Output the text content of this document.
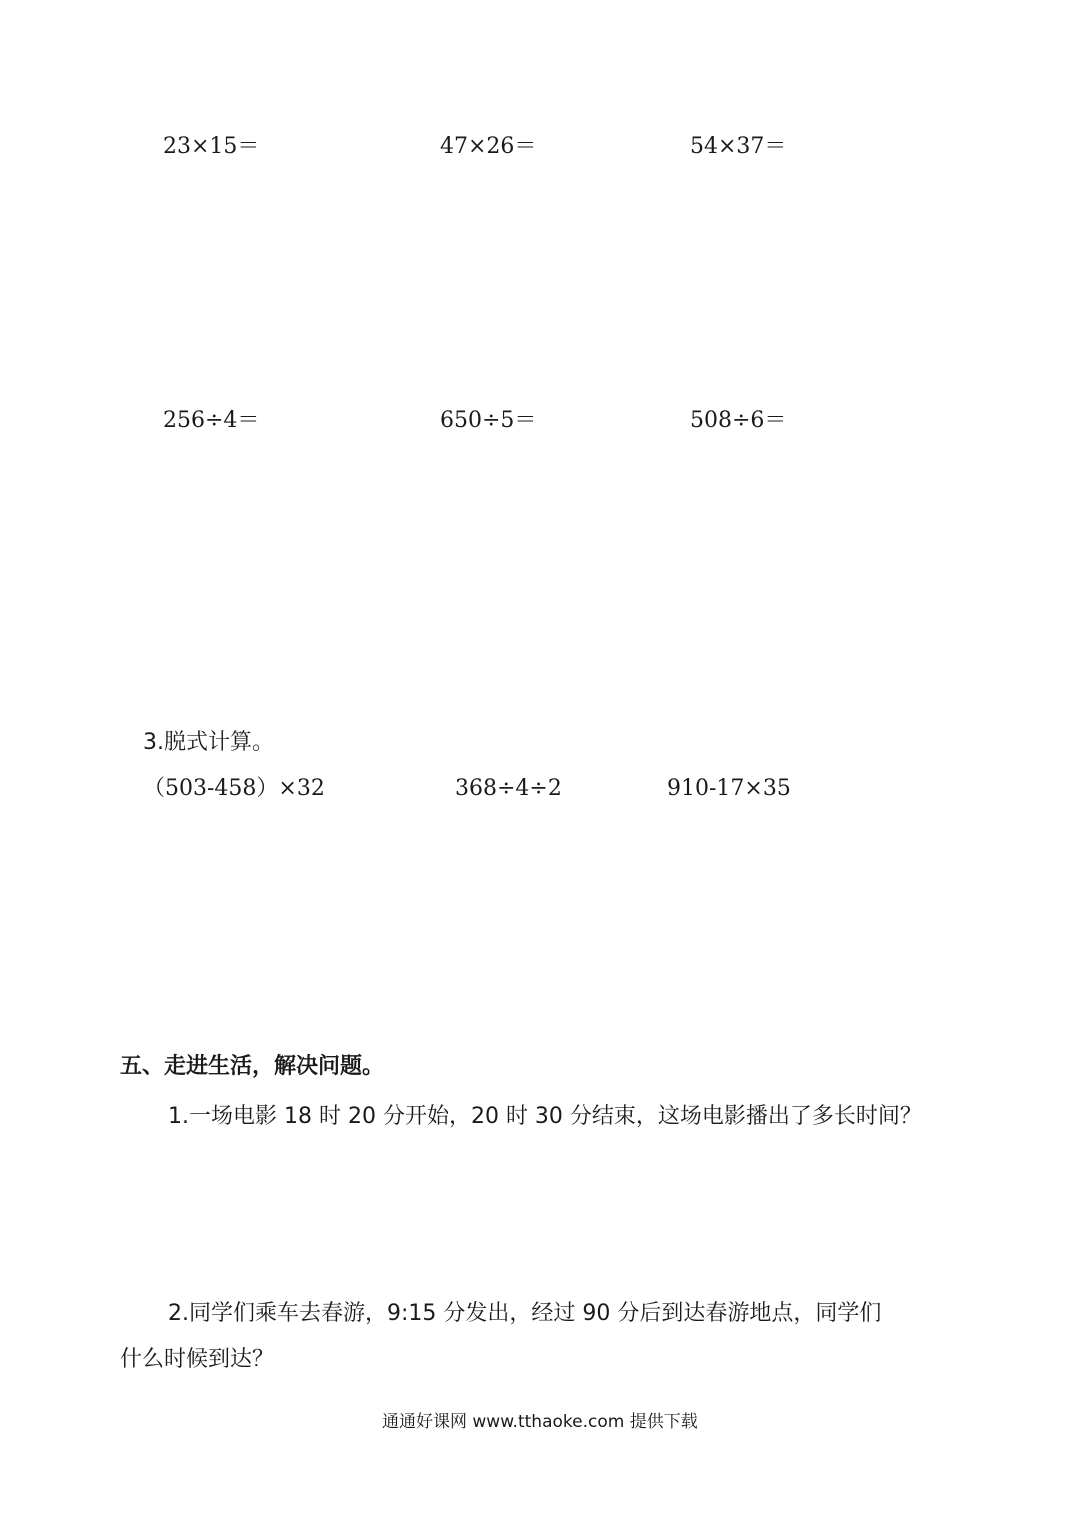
23×15＝	47×26＝	54×37＝
256÷4＝	650÷5＝	508÷6＝
3.脱式计算。
（503-458）×32	368÷4÷2	910-17×35
五、走进生活，解决问题。
1.一场电影 18 时 20 分开始，20 时 30 分结束，这场电影播出了多长时间？
2.同学们乘车去春游，9:15 分发出，经过 90 分后到达春游地点，同学们
什么时候到达？
通通好课网 www.tthaoke.com 提供下载
